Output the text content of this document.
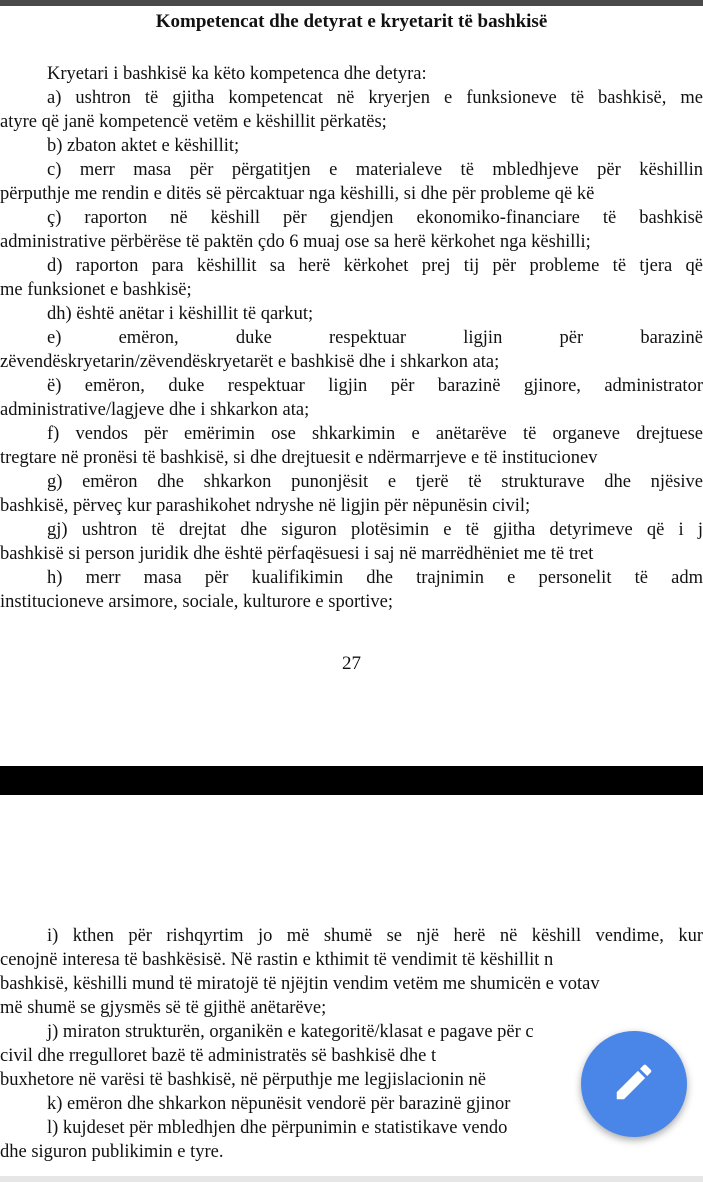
Kompetencat dhe detyrat e kryetarit të bashkisë
Kryetari i bashkisë ka këto kompetenca dhe detyra:
a) ushtron të gjitha kompetencat në kryerjen e funksioneve të bashkisë, me
atyre që janë kompetencë vetëm e këshillit përkatës;
b) zbaton aktet e këshillit;
c) merr masa për përgatitjen e materialeve të mbledhjeve për këshillin
përputhje me rendin e ditës së përcaktuar nga këshilli, si dhe për probleme që kë
ç) raporton në këshill për gjendjen ekonomiko-financiare të bashkisë
administrative përbërëse të paktën çdo 6 muaj ose sa herë kërkohet nga këshilli;
d) raporton para këshillit sa herë kërkohet prej tij për probleme të tjera që
me funksionet e bashkisë;
dh) është anëtar i këshillit të qarkut;
e) emëron, duke respektuar ligjin për barazinë
zëvendëskryetarin/zëvendëskryetarët e bashkisë dhe i shkarkon ata;
ë) emëron, duke respektuar ligjin për barazinë gjinore, administrator
administrative/lagjeve dhe i shkarkon ata;
f) vendos për emërimin ose shkarkimin e anëtarëve të organeve drejtuese
tregtare në pronësi të bashkisë, si dhe drejtuesit e ndërmarrjeve e të institucionev
g) emëron dhe shkarkon punonjësit e tjerë të strukturave dhe njësive
bashkisë, përveç kur parashikohet ndryshe në ligjin për nëpunësin civil;
gj) ushtron të drejtat dhe siguron plotësimin e të gjitha detyrimeve që i j
bashkisë si person juridik dhe është përfaqësuesi i saj në marrëdhëniet me të tret
h) merr masa për kualifikimin dhe trajnimin e personelit të adm
institucioneve arsimore, sociale, kulturore e sportive;
27
i) kthen për rishqyrtim jo më shumë se një herë në këshill vendime, kur
cenojnë interesa të bashkësisë. Në rastin e kthimit të vendimit të këshillit n
bashkisë, këshilli mund të miratojë të njëjtin vendim vetëm me shumicën e votav
më shumë se gjysmës së të gjithë anëtarëve;
j) miraton strukturën, organikën e kategoritë/klasat e pagave për c
civil dhe rregulloret bazë të administratës së bashkisë dhe t
buxhetore në varësi të bashkisë, në përputhje me legjislacionin në
k) emëron dhe shkarkon nëpunësit vendorë për barazinë gjinor
l) kujdeset për mbledhjen dhe përpunimin e statistikave vendo
dhe siguron publikimin e tyre.
